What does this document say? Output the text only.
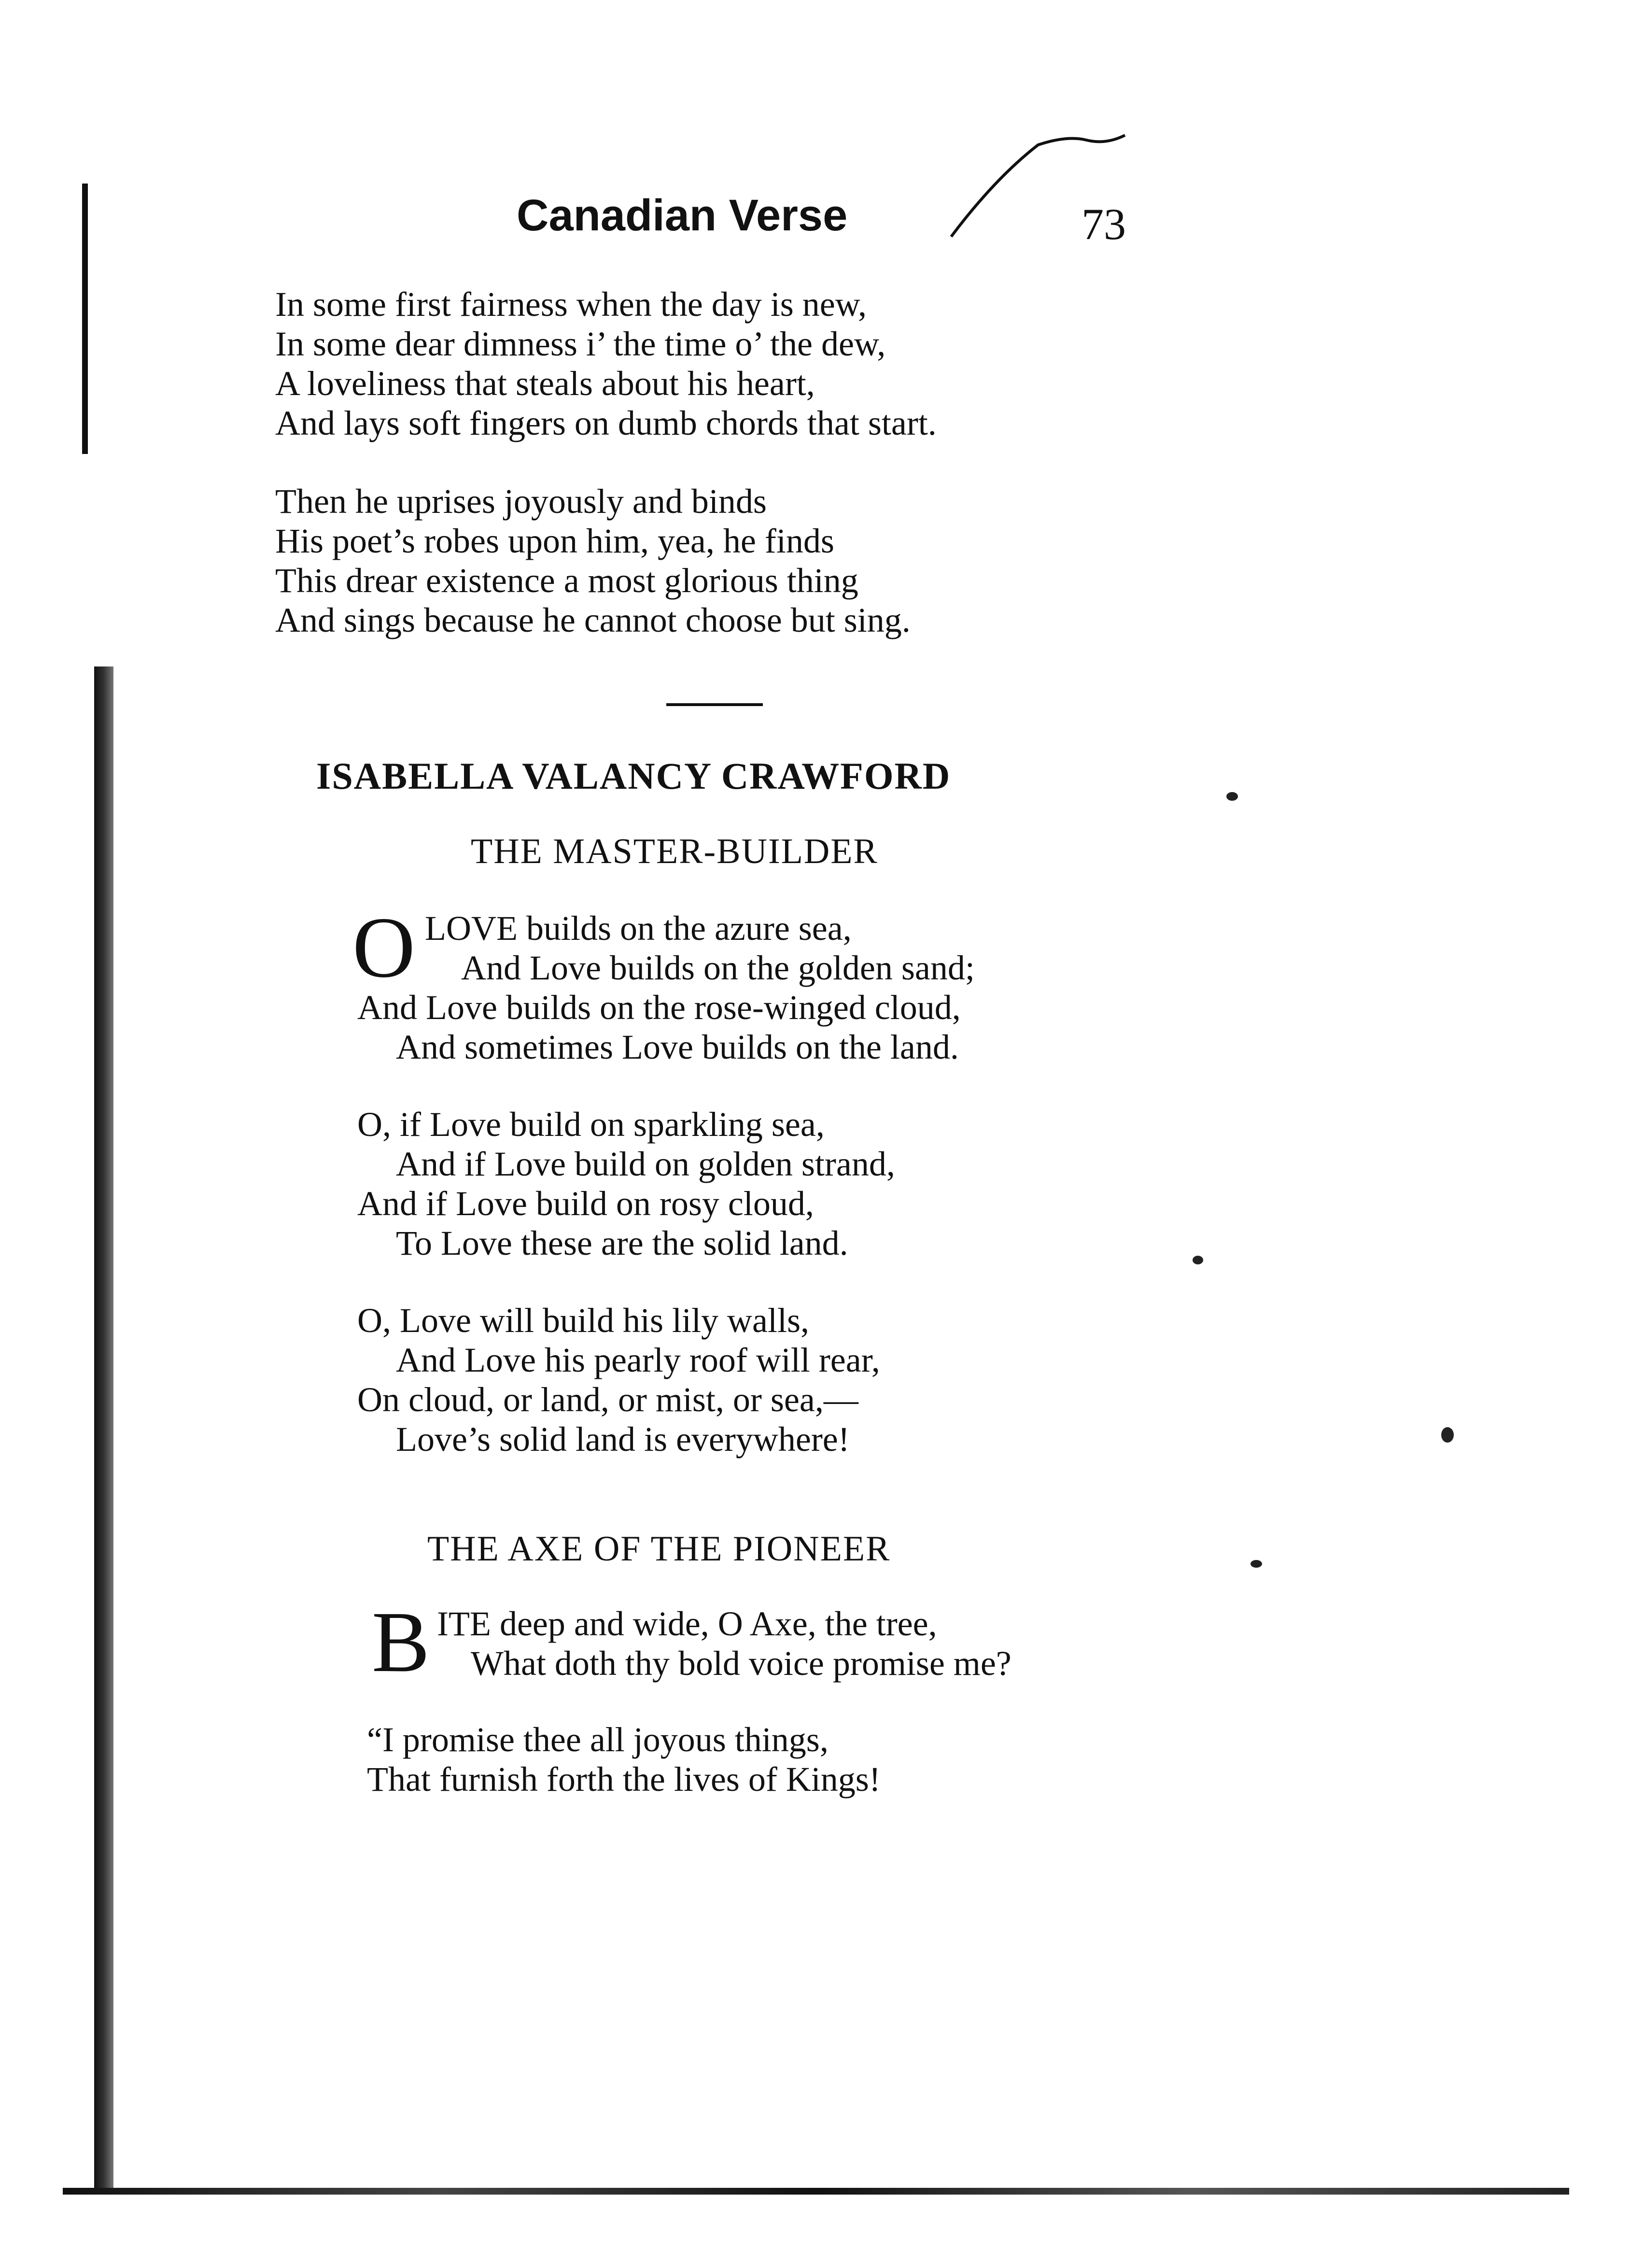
Canadian Verse	73
In some first fairness when the day is new,
In some dear dimness i’ the time o’ the dew,
A loveliness that steals about his heart,
And lays soft fingers on dumb chords that start.
Then he uprises joyously and binds
His poet’s robes upon him, yea, he finds
This drear existence a most glorious thing
And sings because he cannot choose but sing.
ISABELLA VALANCY CRAWFORD
THE MASTER-BUILDER
O LOVE builds on the azure sea,
And Love builds on the golden sand;
And Love builds on the rose-winged cloud,
And sometimes Love builds on the land.
O, if Love build on sparkling sea,
And if Love build on golden strand,
And if Love build on rosy cloud,
To Love these are the solid land.
O, Love will build his lily walls,
And Love his pearly roof will rear,
On cloud, or land, or mist, or sea,—
Love’s solid land is everywhere!
THE AXE OF THE PIONEER
B ITE deep and wide, O Axe, the tree,
What doth thy bold voice promise me?
“I promise thee all joyous things,
That furnish forth the lives of Kings!
